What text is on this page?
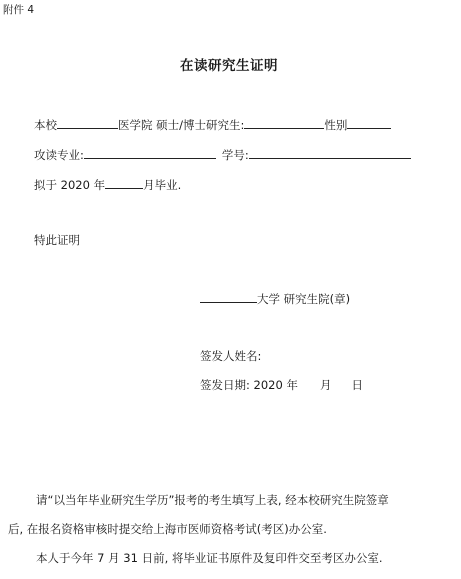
附件 4
在读研究生证明
本校	医学院 硕士/博士研究生:	性别
攻读专业:	学号:
拟于 2020 年	月毕业.
特此证明
大学 研究生院(章)
签发人姓名:
签发日期: 2020 年 月 日
请“以当年毕业研究生学历”报考的考生填写上表, 经本校研究生院签章
后, 在报名资格审核时提交给上海市医师资格考试(考区)办公室.
本人于今年 7 月 31 日前, 将毕业证书原件及复印件交至考区办公室.
